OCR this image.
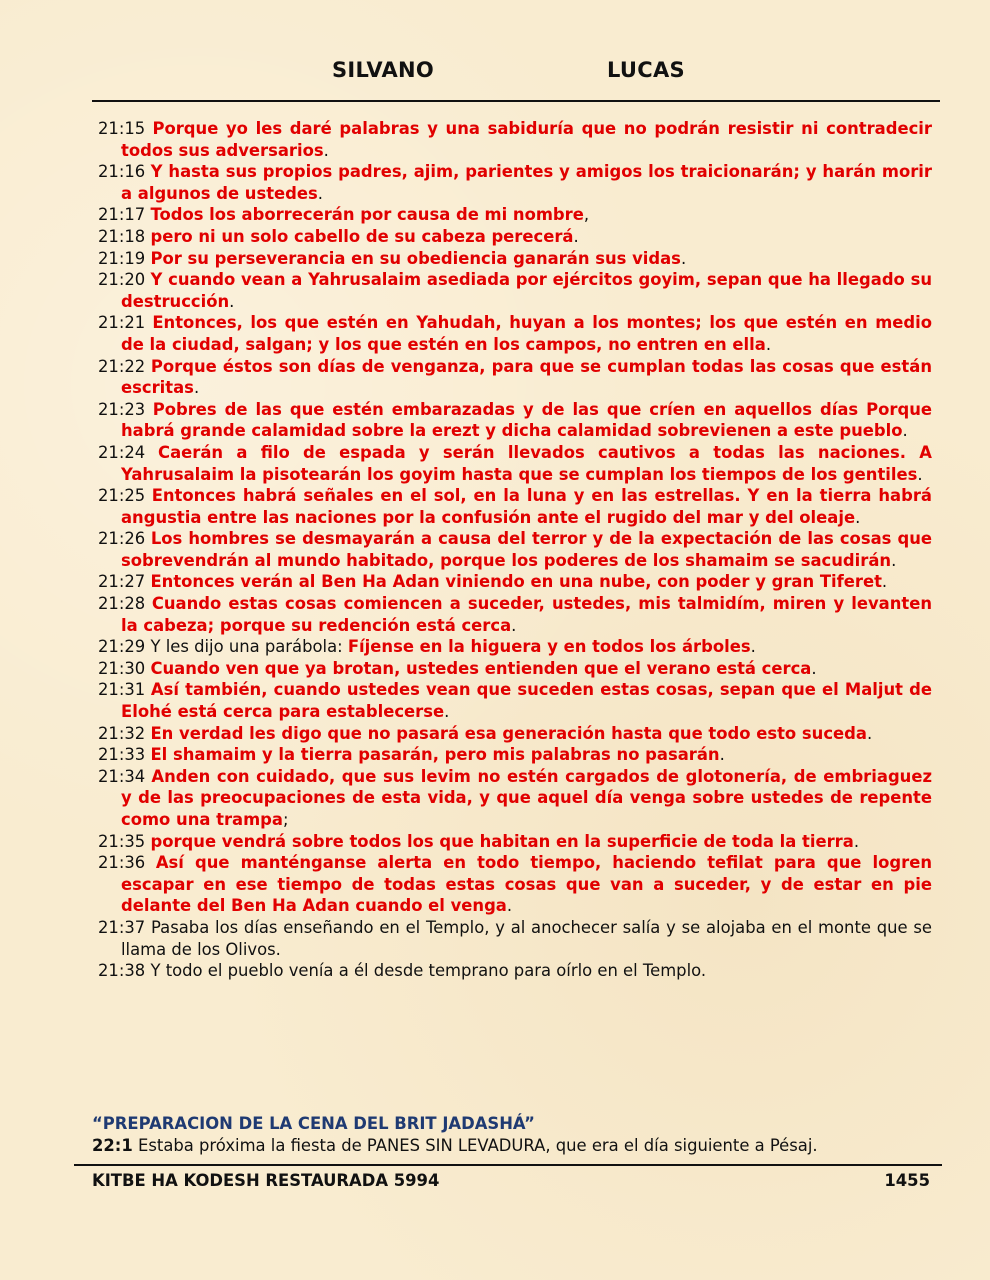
SILVANO	LUCAS

21:15 Porque yo les daré palabras y una sabiduría que no podrán resistir ni contradecir todos sus adversarios.

21:16 Y hasta sus propios padres, ajim, parientes y amigos los traicionarán; y harán morir a algunos de ustedes.

21:17 Todos los aborrecerán por causa de mi nombre,

21:18 pero ni un solo cabello de su cabeza perecerá.

21:19 Por su perseverancia en su obediencia ganarán sus vidas.

21:20 Y cuando vean a Yahrusalaim asediada por ejércitos goyim, sepan que ha llegado su destrucción.

21:21 Entonces, los que estén en Yahudah, huyan a los montes; los que estén en medio de la ciudad, salgan; y los que estén en los campos, no entren en ella.

21:22 Porque éstos son días de venganza, para que se cumplan todas las cosas que están escritas.

21:23 Pobres de las que estén embarazadas y de las que críen en aquellos días Porque habrá grande calamidad sobre la erezt y dicha calamidad sobrevienen a este pueblo.

21:24 Caerán a filo de espada y serán llevados cautivos a todas las naciones. A Yahrusalaim la pisotearán los goyim hasta que se cumplan los tiempos de los gentiles.

21:25 Entonces habrá señales en el sol, en la luna y en las estrellas. Y en la tierra habrá angustia entre las naciones por la confusión ante el rugido del mar y del oleaje.

21:26 Los hombres se desmayarán a causa del terror y de la expectación de las cosas que sobrevendrán al mundo habitado, porque los poderes de los shamaim se sacudirán.

21:27 Entonces verán al Ben Ha Adan viniendo en una nube, con poder y gran Tiferet.

21:28 Cuando estas cosas comiencen a suceder, ustedes, mis talmidím, miren y levanten la cabeza; porque su redención está cerca.

21:29 Y les dijo una parábola: Fíjense en la higuera y en todos los árboles.

21:30 Cuando ven que ya brotan, ustedes entienden que el verano está cerca.

21:31 Así también, cuando ustedes vean que suceden estas cosas, sepan que el Maljut de Elohé está cerca para establecerse.

21:32 En verdad les digo que no pasará esa generación hasta que todo esto suceda.

21:33 El shamaim y la tierra pasarán, pero mis palabras no pasarán.

21:34 Anden con cuidado, que sus levim no estén cargados de glotonería, de embriaguez y de las preocupaciones de esta vida, y que aquel día venga sobre ustedes de repente como una trampa;

21:35 porque vendrá sobre todos los que habitan en la superficie de toda la tierra.

21:36 Así que manténganse alerta en todo tiempo, haciendo tefilat para que logren escapar en ese tiempo de todas estas cosas que van a suceder, y de estar en pie delante del Ben Ha Adan cuando el venga.

21:37 Pasaba los días enseñando en el Templo, y al anochecer salía y se alojaba en el monte que se llama de los Olivos.

21:38 Y todo el pueblo venía a él desde temprano para oírlo en el Templo.

“PREPARACION DE LA CENA DEL BRIT JADASHÁ”
22:1 Estaba próxima la fiesta de PANES SIN LEVADURA, que era el día siguiente a Pésaj.
KITBE HA KODESH RESTAURADA 5994	1455
